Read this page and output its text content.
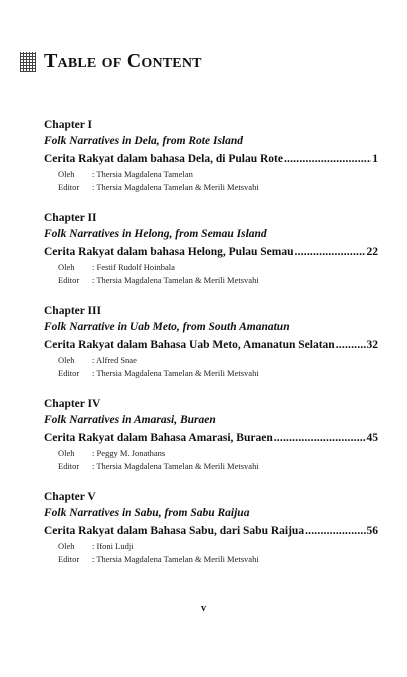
Table of Content
Chapter I
Folk Narratives in Dela, from Rote Island
Cerita Rakyat dalam bahasa Dela, di Pulau Rote .....	1
Oleh	: Thersia Magdalena Tamelan
Editor	: Thersia Magdalena Tamelan & Merili Metsvahi
Chapter II
Folk Narratives in Helong, from Semau Island
Cerita Rakyat dalam bahasa Helong, Pulau Semau .....	22
Oleh	: Festif Rudolf Hoinbala
Editor	: Thersia Magdalena Tamelan & Merili Metsvahi
Chapter III
Folk Narrative in Uab Meto, from South Amanatun
Cerita Rakyat dalam Bahasa Uab Meto, Amanatun Selatan .....	32
Oleh	: Alfred Snae
Editor	: Thersia Magdalena Tamelan & Merili Metsvahi
Chapter IV
Folk Narratives in Amarasi, Buraen
Cerita Rakyat dalam Bahasa Amarasi, Buraen .....	45
Oleh	: Peggy M. Jonathans
Editor	: Thersia Magdalena Tamelan & Merili Metsvahi
Chapter V
Folk Narratives in Sabu, from Sabu Raijua
Cerita Rakyat dalam Bahasa Sabu, dari Sabu Raijua .....	56
Oleh	: Ifoni Ludji
Editor	: Thersia Magdalena Tamelan & Merili Metsvahi
v
